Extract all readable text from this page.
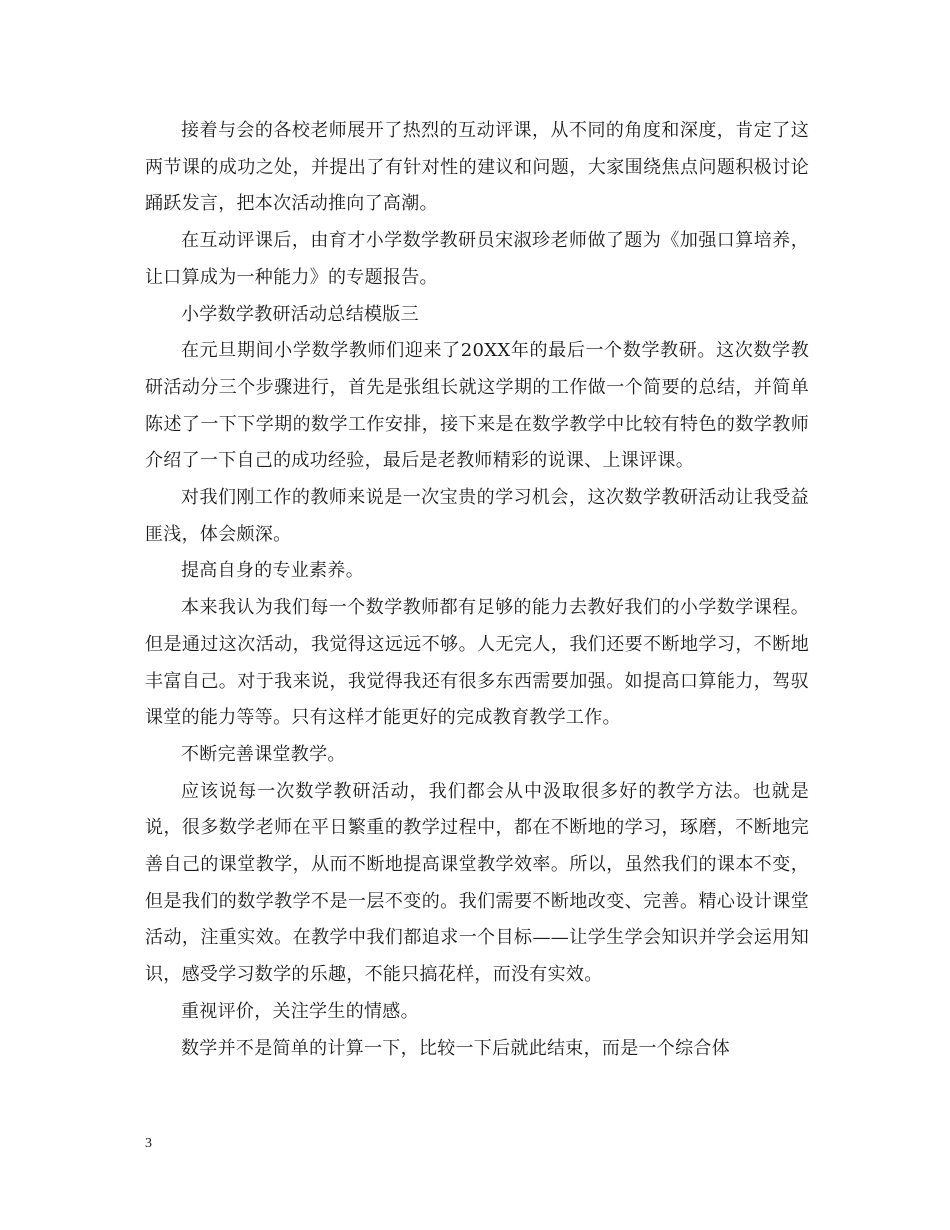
接着与会的各校老师展开了热烈的互动评课，从不同的角度和深度，肯定了这两节课的成功之处，并提出了有针对性的建议和问题，大家围绕焦点问题积极讨论踊跃发言，把本次活动推向了高潮。

在互动评课后，由育才小学数学教研员宋淑珍老师做了题为《加强口算培养，让口算成为一种能力》的专题报告。

小学数学教研活动总结模版三

在元旦期间小学数学教师们迎来了20XX年的最后一个数学教研。这次数学教研活动分三个步骤进行，首先是张组长就这学期的工作做一个简要的总结，并简单陈述了一下下学期的数学工作安排，接下来是在数学教学中比较有特色的数学教师介绍了一下自己的成功经验，最后是老教师精彩的说课、上课评课。

对我们刚工作的教师来说是一次宝贵的学习机会，这次数学教研活动让我受益匪浅，体会颇深。

提高自身的专业素养。

本来我认为我们每一个数学教师都有足够的能力去教好我们的小学数学课程。但是通过这次活动，我觉得这远远不够。人无完人，我们还要不断地学习，不断地丰富自己。对于我来说，我觉得我还有很多东西需要加强。如提高口算能力，驾驭课堂的能力等等。只有这样才能更好的完成教育教学工作。

不断完善课堂教学。

应该说每一次数学教研活动，我们都会从中汲取很多好的教学方法。也就是说，很多数学老师在平日繁重的教学过程中，都在不断地的学习，琢磨，不断地完善自己的课堂教学，从而不断地提高课堂教学效率。所以，虽然我们的课本不变，但是我们的数学教学不是一层不变的。我们需要不断地改变、完善。精心设计课堂活动，注重实效。在教学中我们都追求一个目标——让学生学会知识并学会运用知识，感受学习数学的乐趣，不能只搞花样，而没有实效。

重视评价，关注学生的情感。

数学并不是简单的计算一下，比较一下后就此结束，而是一个综合体

3
